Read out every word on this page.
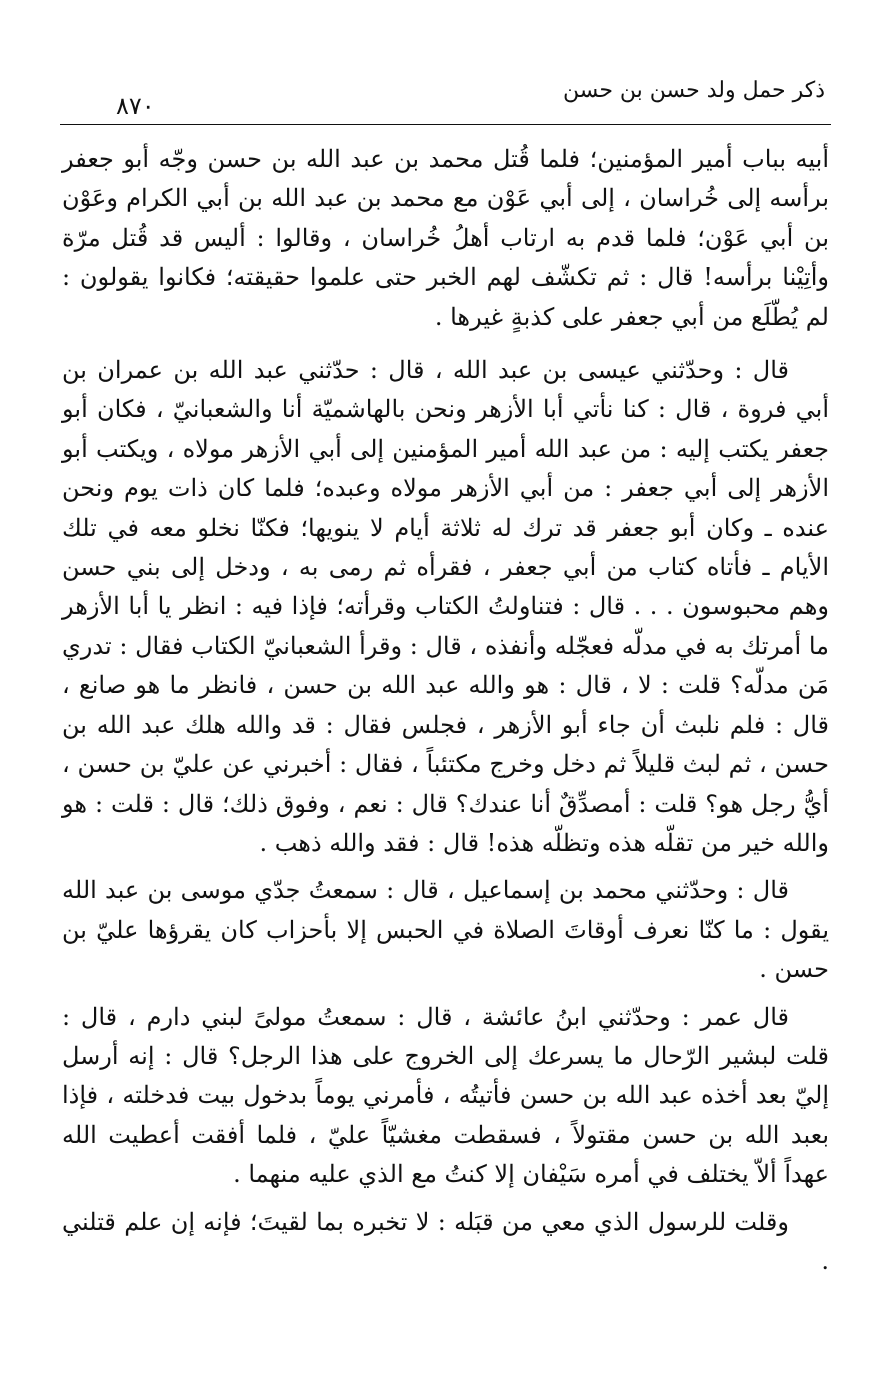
ذكر حمل ولد حسن بن حسن
٨٧٠

أبيه بباب أمير المؤمنين؛ فلما قُتل محمد بن عبد الله بن حسن وجّه أبو جعفر برأسه إلى خُراسان ، إلى أبي عَوْن مع محمد بن عبد الله بن أبي الكرام وعَوْن بن أبي عَوْن؛ فلما قدم به ارتاب أهلُ خُراسان ، وقالوا : أليس قد قُتل مرّة وأتِيْنا برأسه! قال : ثم تكشّف لهم الخبر حتى علموا حقيقته؛ فكانوا يقولون : لم يُطّلَع من أبي جعفر على كذبةٍ غيرها .

قال : وحدّثني عيسى بن عبد الله ، قال : حدّثني عبد الله بن عمران بن أبي فروة ، قال : كنا نأتي أبا الأزهر ونحن بالهاشميّة أنا والشعبانيّ ، فكان أبو جعفر يكتب إليه : من عبد الله أمير المؤمنين إلى أبي الأزهر مولاه ، ويكتب أبو الأزهر إلى أبي جعفر : من أبي الأزهر مولاه وعبده؛ فلما كان ذات يوم ونحن عنده ـ وكان أبو جعفر قد ترك له ثلاثة أيام لا ينويها؛ فكنّا نخلو معه في تلك الأيام ـ فأتاه كتاب من أبي جعفر ، فقرأه ثم رمى به ، ودخل إلى بني حسن وهم محبوسون . . . قال : فتناولتُ الكتاب وقرأته؛ فإذا فيه : انظر يا أبا الأزهر ما أمرتك به في مدلّه فعجّله وأنفذه ، قال : وقرأ الشعبانيّ الكتاب فقال : تدري مَن مدلّه؟ قلت : لا ، قال : هو والله عبد الله بن حسن ، فانظر ما هو صانع ، قال : فلم نلبث أن جاء أبو الأزهر ، فجلس فقال : قد والله هلك عبد الله بن حسن ، ثم لبث قليلاً ثم دخل وخرج مكتئباً ، فقال : أخبرني عن عليّ بن حسن ، أيُّ رجل هو؟ قلت : أمصدِّقٌ أنا عندك؟ قال : نعم ، وفوق ذلك؛ قال : قلت : هو والله خير من تقلّه هذه وتظلّه هذه! قال : فقد والله ذهب .

قال : وحدّثني محمد بن إسماعيل ، قال : سمعتُ جدّي موسى بن عبد الله يقول : ما كنّا نعرف أوقاتَ الصلاة في الحبس إلا بأحزاب كان يقرؤها عليّ بن حسن .

قال عمر : وحدّثني ابنُ عائشة ، قال : سمعتُ مولىً لبني دارم ، قال : قلت لبشير الرّحال ما يسرعك إلى الخروج على هذا الرجل؟ قال : إنه أرسل إليّ بعد أخذه عبد الله بن حسن فأتيتُه ، فأمرني يوماً بدخول بيت فدخلته ، فإذا بعبد الله بن حسن مقتولاً ، فسقطت مغشيّاً عليّ ، فلما أفقت أعطيت الله عهداً ألاّ يختلف في أمره سَيْفان إلا كنتُ مع الذي عليه منهما .

وقلت للرسول الذي معي من قبَله : لا تخبره بما لقيتَ؛ فإنه إن علم قتلني .
